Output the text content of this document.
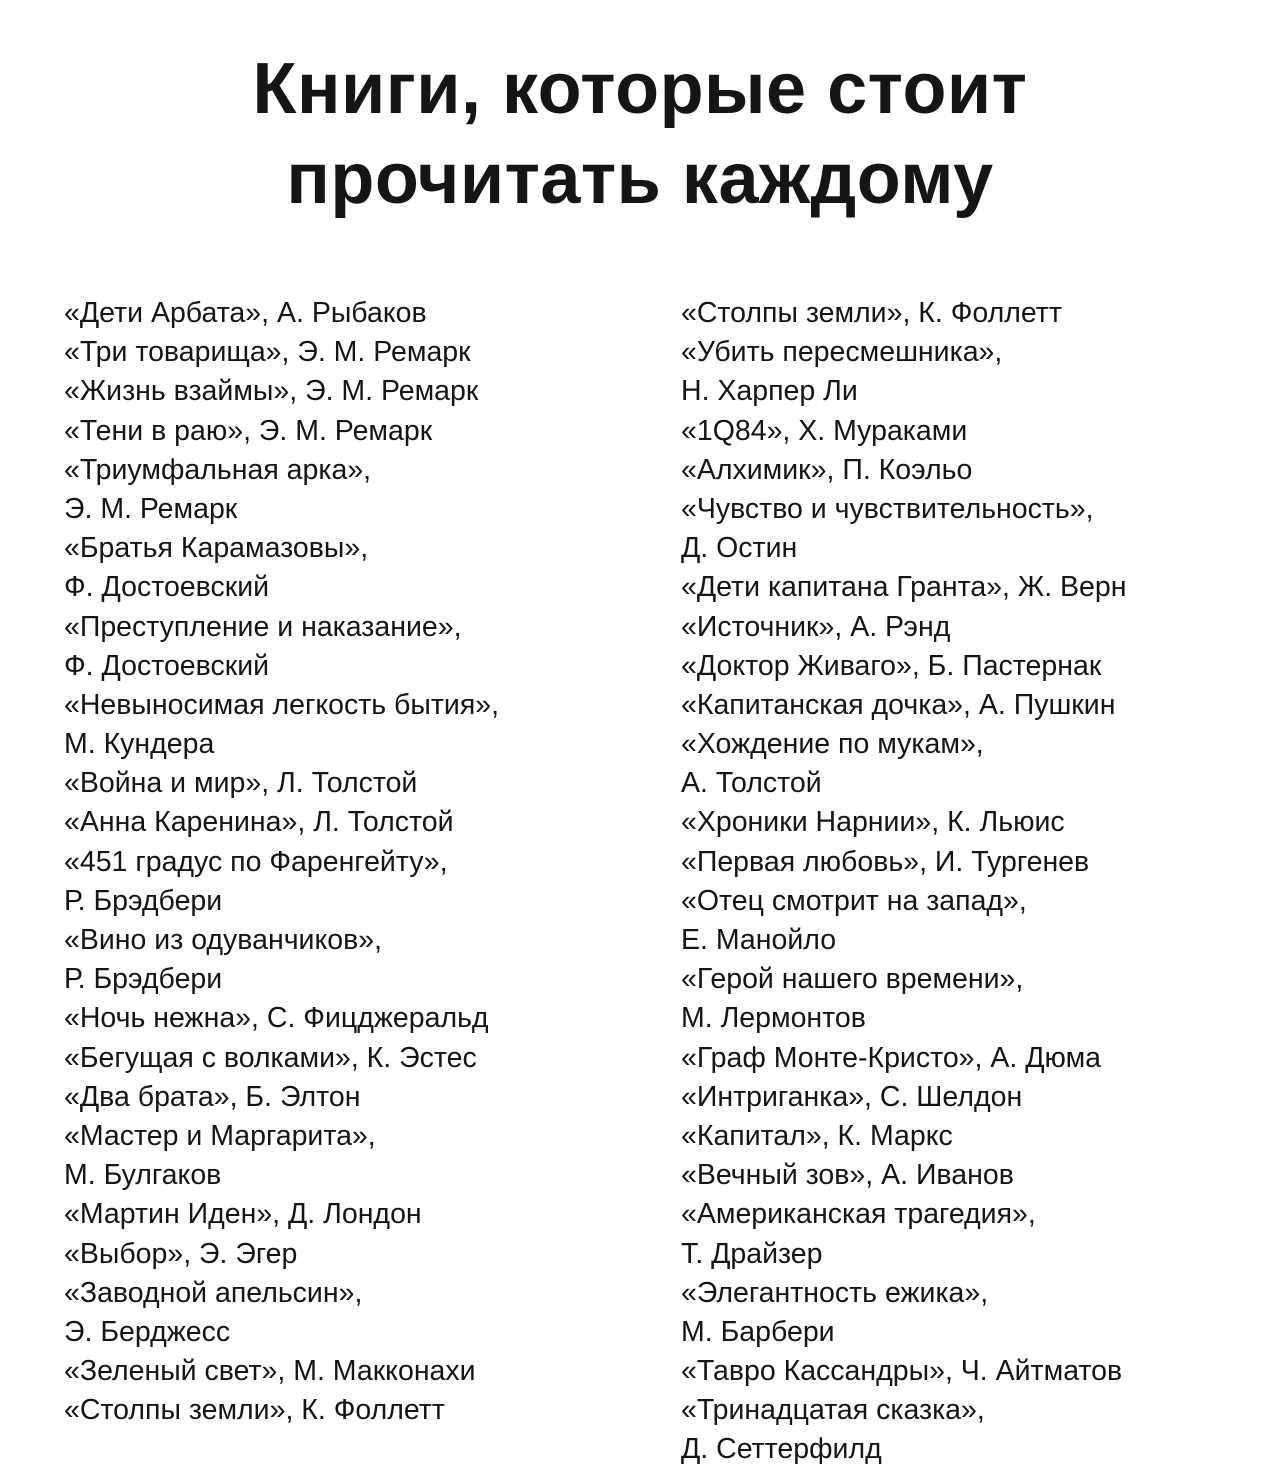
Книги, которые стоит
прочитать каждому
«Дети Арбата», А. Рыбаков
«Три товарища», Э. М. Ремарк
«Жизнь взаймы», Э. М. Ремарк
«Тени в раю», Э. М. Ремарк
«Триумфальная арка»,
Э. М. Ремарк
«Братья Карамазовы»,
Ф. Достоевский
«Преступление и наказание»,
Ф. Достоевский
«Невыносимая легкость бытия»,
М. Кундера
«Война и мир», Л. Толстой
«Анна Каренина», Л. Толстой
«451 градус по Фаренгейту»,
Р. Брэдбери
«Вино из одуванчиков»,
Р. Брэдбери
«Ночь нежна», С. Фицджеральд
«Бегущая с волками», К. Эстес
«Два брата», Б. Элтон
«Мастер и Маргарита»,
М. Булгаков
«Мартин Иден», Д. Лондон
«Выбор», Э. Эгер
«Заводной апельсин»,
Э. Берджесс
«Зеленый свет», М. Макконахи
«Столпы земли», К. Фоллетт
«Столпы земли», К. Фоллетт
«Убить пересмешника»,
Н. Харпер Ли
«1Q84», Х. Мураками
«Алхимик», П. Коэльо
«Чувство и чувствительность»,
Д. Остин
«Дети капитана Гранта», Ж. Верн
«Источник», А. Рэнд
«Доктор Живаго», Б. Пастернак
«Капитанская дочка», А. Пушкин
«Хождение по мукам»,
А. Толстой
«Хроники Нарнии», К. Льюис
«Первая любовь», И. Тургенев
«Отец смотрит на запад»,
Е. Манойло
«Герой нашего времени»,
М. Лермонтов
«Граф Монте-Кристо», А. Дюма
«Интриганка», С. Шелдон
«Капитал», К. Маркс
«Вечный зов», А. Иванов
«Американская трагедия»,
Т. Драйзер
«Элегантность ежика»,
М. Барбери
«Тавро Кассандры», Ч. Айтматов
«Тринадцатая сказка»,
Д. Сеттерфилд
